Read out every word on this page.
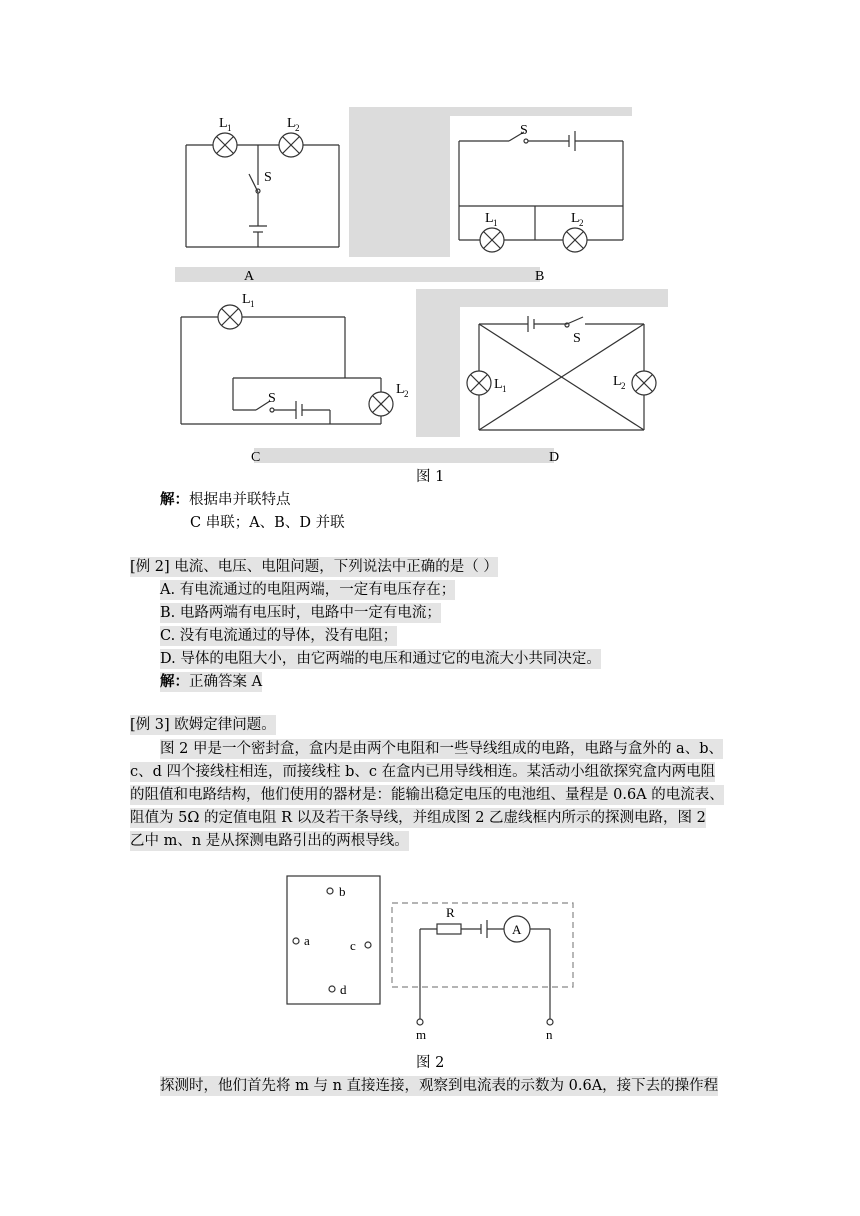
L 1	L 2
S
A
S
L 1	L 2
B
L 1
S
L 2
C
S
L 1	L 2
D
图 1
解：根据串并联特点
C 串联；A、B、D 并联
[例 2] 电流、电压、电阻问题，下列说法中正确的是（ ）
A. 有电流通过的电阻两端，一定有电压存在；
B. 电路两端有电压时，电路中一定有电流；
C. 没有电流通过的导体，没有电阻；
D. 导体的电阻大小，由它两端的电压和通过它的电流大小共同决定。
解：正确答案 A
[例 3] 欧姆定律问题。
图 2 甲是一个密封盒，盒内是由两个电阻和一些导线组成的电路，电路与盒外的 a、b、
c、d 四个接线柱相连，而接线柱 b、c 在盒内已用导线相连。某活动小组欲探究盒内两电阻
的阻值和电路结构，他们使用的器材是：能输出稳定电压的电池组、量程是 0.6A 的电流表、
阻值为 5Ω 的定值电阻 R 以及若干条导线，并组成图 2 乙虚线框内所示的探测电路，图 2
乙中 m、n 是从探测电路引出的两根导线。
b
a	c
d
A
R
m	n
图 2
探测时，他们首先将 m 与 n 直接连接，观察到电流表的示数为 0.6A，接下去的操作程
